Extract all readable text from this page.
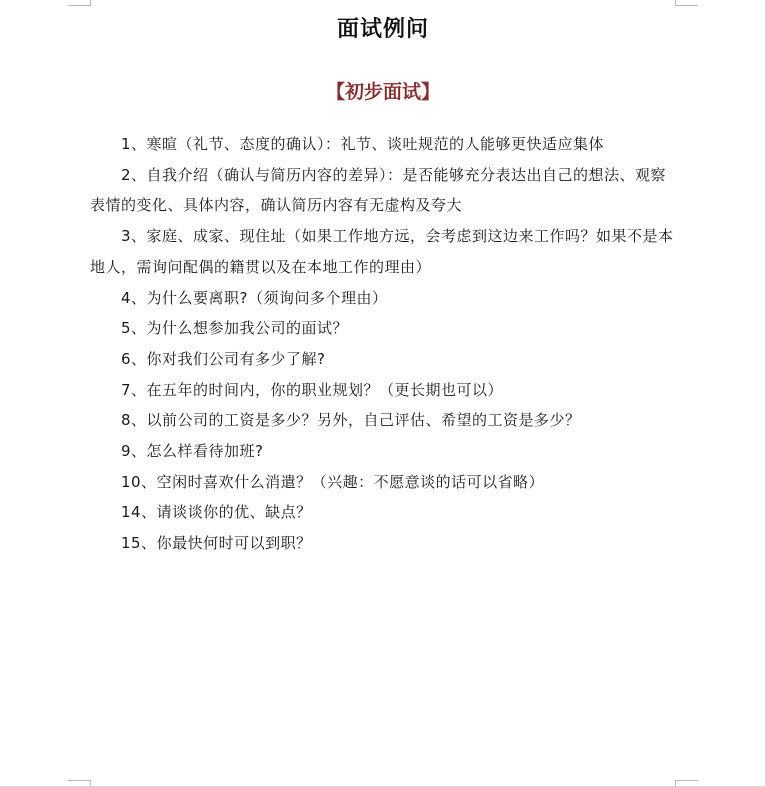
面试例问
【初步面试】
1、寒暄（礼节、态度的确认）：礼节、谈吐规范的人能够更快适应集体
2、自我介绍（确认与简历内容的差异）：是否能够充分表达出自己的想法、观察
表情的变化、具体内容，确认简历内容有无虚构及夸大
3、家庭、成家、现住址（如果工作地方远，会考虑到这边来工作吗？如果不是本
地人，需询问配偶的籍贯以及在本地工作的理由）
4、为什么要离职?（须询问多个理由）
5、为什么想参加我公司的面试？
6、你对我们公司有多少了解?
7、在五年的时间内，你的职业规划？（更长期也可以）
8、以前公司的工资是多少？另外，自己评估、希望的工资是多少？
9、怎么样看待加班?
10、空闲时喜欢什么消遣？（兴趣：不愿意谈的话可以省略）
14、请谈谈你的优、缺点？
15、你最快何时可以到职？
